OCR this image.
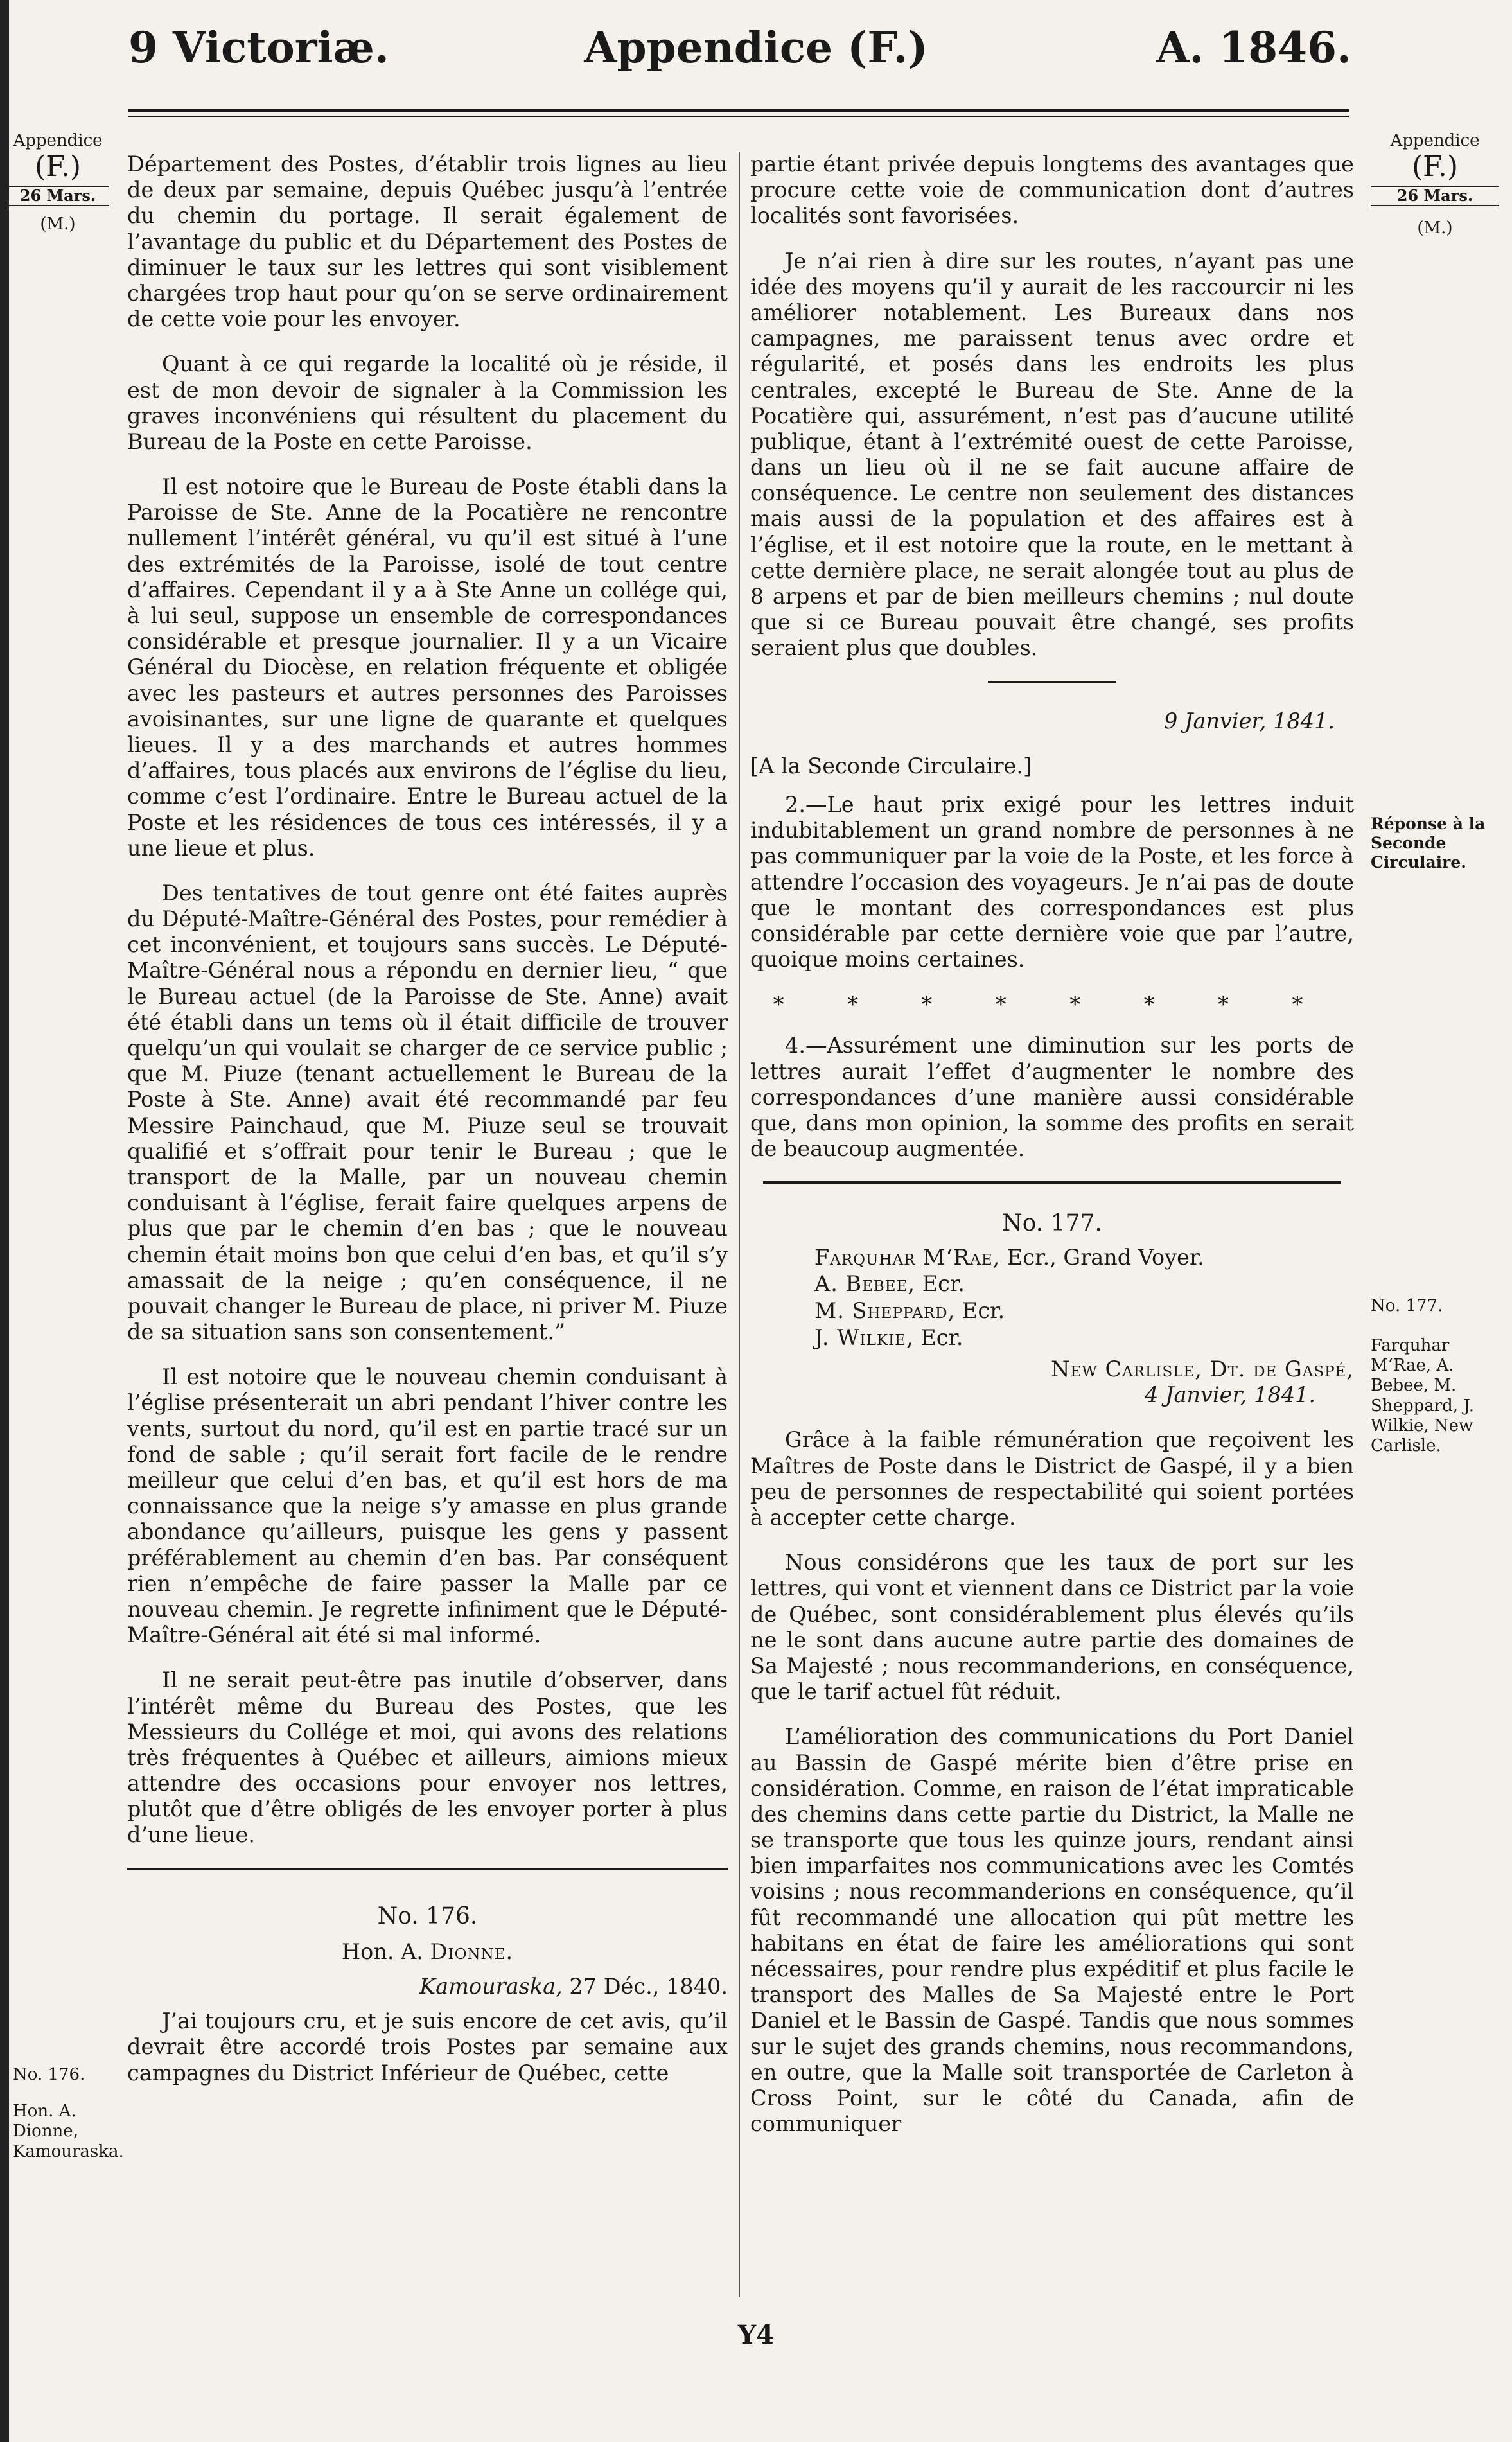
Appendice (F.)
9 Victoriæ.	A. 1846.
Appendice
(F.)
26 Mars.
(M.)
Appendice
(F.)
26 Mars.
(M.)

Département des Postes, d’établir trois lignes au lieu de deux par semaine, depuis Québec jusqu’à l’entrée du chemin du portage. Il serait également de l’avantage du public et du Département des Postes de diminuer le taux sur les lettres qui sont visiblement chargées trop haut pour qu’on se serve ordinairement de cette voie pour les envoyer.

Quant à ce qui regarde la localité où je réside, il est de mon devoir de signaler à la Commission les graves inconvéniens qui résultent du placement du Bureau de la Poste en cette Paroisse.

Il est notoire que le Bureau de Poste établi dans la Paroisse de Ste. Anne de la Pocatière ne rencontre nullement l’intérêt général, vu qu’il est situé à l’une des extrémités de la Paroisse, isolé de tout centre d’affaires. Cependant il y a à Ste Anne un collége qui, à lui seul, suppose un ensemble de correspondances considérable et presque journalier. Il y a un Vicaire Général du Diocèse, en relation fréquente et obligée avec les pasteurs et autres personnes des Paroisses avoisinantes, sur une ligne de quarante et quelques lieues. Il y a des marchands et autres hommes d’affaires, tous placés aux environs de l’église du lieu, comme c’est l’ordinaire. Entre le Bureau actuel de la Poste et les résidences de tous ces intéressés, il y a une lieue et plus.

Des tentatives de tout genre ont été faites auprès du Député-Maître-Général des Postes, pour remédier à cet inconvénient, et toujours sans succès. Le Député-Maître-Général nous a répondu en dernier lieu, “ que le Bureau actuel (de la Paroisse de Ste. Anne) avait été établi dans un tems où il était difficile de trouver quelqu’un qui voulait se charger de ce service public ; que M. Piuze (tenant actuellement le Bureau de la Poste à Ste. Anne) avait été recommandé par feu Messire Painchaud, que M. Piuze seul se trouvait qualifié et s’offrait pour tenir le Bureau ; que le transport de la Malle, par un nouveau chemin conduisant à l’église, ferait faire quelques arpens de plus que par le chemin d’en bas ; que le nouveau chemin était moins bon que celui d’en bas, et qu’il s’y amassait de la neige ; qu’en conséquence, il ne pouvait changer le Bureau de place, ni priver M. Piuze de sa situation sans son consentement.”

Il est notoire que le nouveau chemin conduisant à l’église présenterait un abri pendant l’hiver contre les vents, surtout du nord, qu’il est en partie tracé sur un fond de sable ; qu’il serait fort facile de le rendre meilleur que celui d’en bas, et qu’il est hors de ma connaissance que la neige s’y amasse en plus grande abondance qu’ailleurs, puisque les gens y passent préférablement au chemin d’en bas. Par conséquent rien n’empêche de faire passer la Malle par ce nouveau chemin. Je regrette infiniment que le Député-Maître-Général ait été si mal informé.

Il ne serait peut-être pas inutile d’observer, dans l’intérêt même du Bureau des Postes, que les Messieurs du Collége et moi, qui avons des relations très fréquentes à Québec et ailleurs, aimions mieux attendre des occasions pour envoyer nos lettres, plutôt que d’être obligés de les envoyer porter à plus d’une lieue.

No. 176.

Hon. A. Dionne.

Kamouraska, 27 Déc., 1840.

J’ai toujours cru, et je suis encore de cet avis, qu’il devrait être accordé trois Postes par semaine aux campagnes du District Inférieur de Québec, cette

No. 176.
Hon. A. Dionne, Kamouraska.

partie étant privée depuis longtems des avantages que procure cette voie de communication dont d’autres localités sont favorisées.

Je n’ai rien à dire sur les routes, n’ayant pas une idée des moyens qu’il y aurait de les raccourcir ni les améliorer notablement. Les Bureaux dans nos campagnes, me paraissent tenus avec ordre et régularité, et posés dans les endroits les plus centrales, excepté le Bureau de Ste. Anne de la Pocatière qui, assurément, n’est pas d’aucune utilité publique, étant à l’extrémité ouest de cette Paroisse, dans un lieu où il ne se fait aucune affaire de conséquence. Le centre non seulement des distances mais aussi de la population et des affaires est à l’église, et il est notoire que la route, en le mettant à cette dernière place, ne serait alongée tout au plus de 8 arpens et par de bien meilleurs chemins ; nul doute que si ce Bureau pouvait être changé, ses profits seraient plus que doubles.

9 Janvier, 1841.

[A la Seconde Circulaire.]

2.—Le haut prix exigé pour les lettres induit indubitablement un grand nombre de personnes à ne pas communiquer par la voie de la Poste, et les force à attendre l’occasion des voyageurs. Je n’ai pas de doute que le montant des correspondances est plus considérable par cette dernière voie que par l’autre, quoique moins certaines.

* * * * * * * *

4.—Assurément une diminution sur les ports de lettres aurait l’effet d’augmenter le nombre des correspondances d’une manière aussi considérable que, dans mon opinion, la somme des profits en serait de beaucoup augmentée.

No. 177.

Farquhar M‘Rae, Ecr., Grand Voyer.
A. Bebee, Ecr.
M. Sheppard, Ecr.
J. Wilkie, Ecr.

New Carlisle, Dt. de Gaspé,

4 Janvier, 1841.

Grâce à la faible rémunération que reçoivent les Maîtres de Poste dans le District de Gaspé, il y a bien peu de personnes de respectabilité qui soient portées à accepter cette charge.

Nous considérons que les taux de port sur les lettres, qui vont et viennent dans ce District par la voie de Québec, sont considérablement plus élevés qu’ils ne le sont dans aucune autre partie des domaines de Sa Majesté ; nous recommanderions, en conséquence, que le tarif actuel fût réduit.

L’amélioration des communications du Port Daniel au Bassin de Gaspé mérite bien d’être prise en considération. Comme, en raison de l’état impraticable des chemins dans cette partie du District, la Malle ne se transporte que tous les quinze jours, rendant ainsi bien imparfaites nos communications avec les Comtés voisins ; nous recommanderions en conséquence, qu’il fût recommandé une allocation qui pût mettre les habitans en état de faire les améliorations qui sont nécessaires, pour rendre plus expéditif et plus facile le transport des Malles de Sa Majesté entre le Port Daniel et le Bassin de Gaspé. Tandis que nous sommes sur le sujet des grands chemins, nous recommandons, en outre, que la Malle soit transportée de Carleton à Cross Point, sur le côté du Canada, afin de communiquer

Réponse à la Seconde Circulaire.
No. 177.
Farquhar M‘Rae, A. Bebee, M. Sheppard, J. Wilkie, New Carlisle.
Y4
